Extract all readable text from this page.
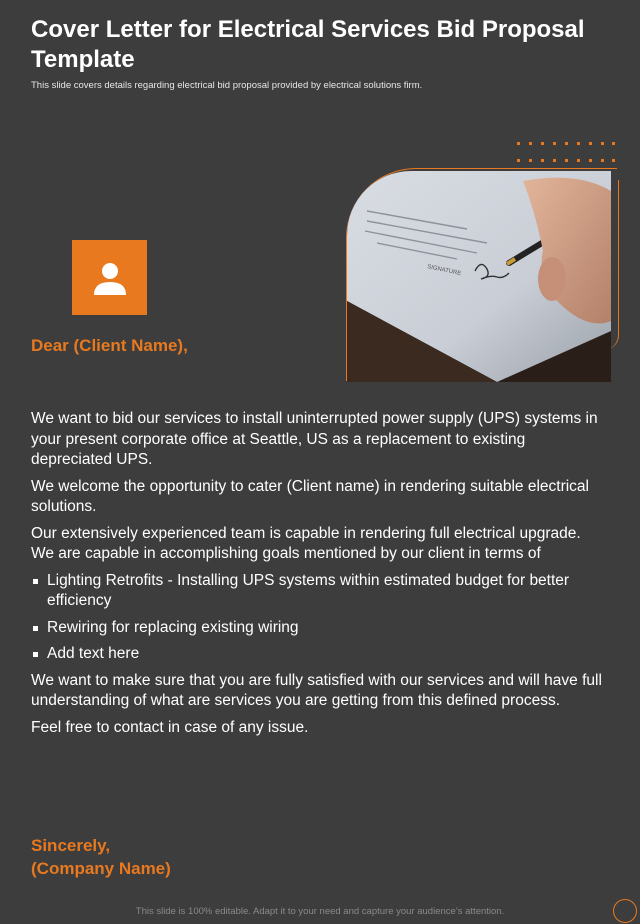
Cover Letter for Electrical Services Bid Proposal Template

This slide covers details regarding electrical bid proposal provided by electrical solutions firm.

SIGNATURE

Dear (Client Name),

We want to bid our services to install uninterrupted power supply (UPS) systems in your present corporate office at Seattle, US as a replacement to existing depreciated UPS.

We welcome the opportunity to cater (Client name) in rendering suitable electrical solutions.

Our extensively experienced team is capable in rendering full electrical upgrade. We are capable in accomplishing goals mentioned by our client in terms of

Lighting Retrofits - Installing UPS systems within estimated budget for better efficiency
Rewiring for replacing existing wiring
Add text here

We want to make sure that you are fully satisfied with our services and will have full understanding of what are services you are getting from this defined process.

Feel free to contact in case of any issue.

Sincerely,
(Company Name)
This slide is 100% editable. Adapt it to your need and capture your audience’s attention.
